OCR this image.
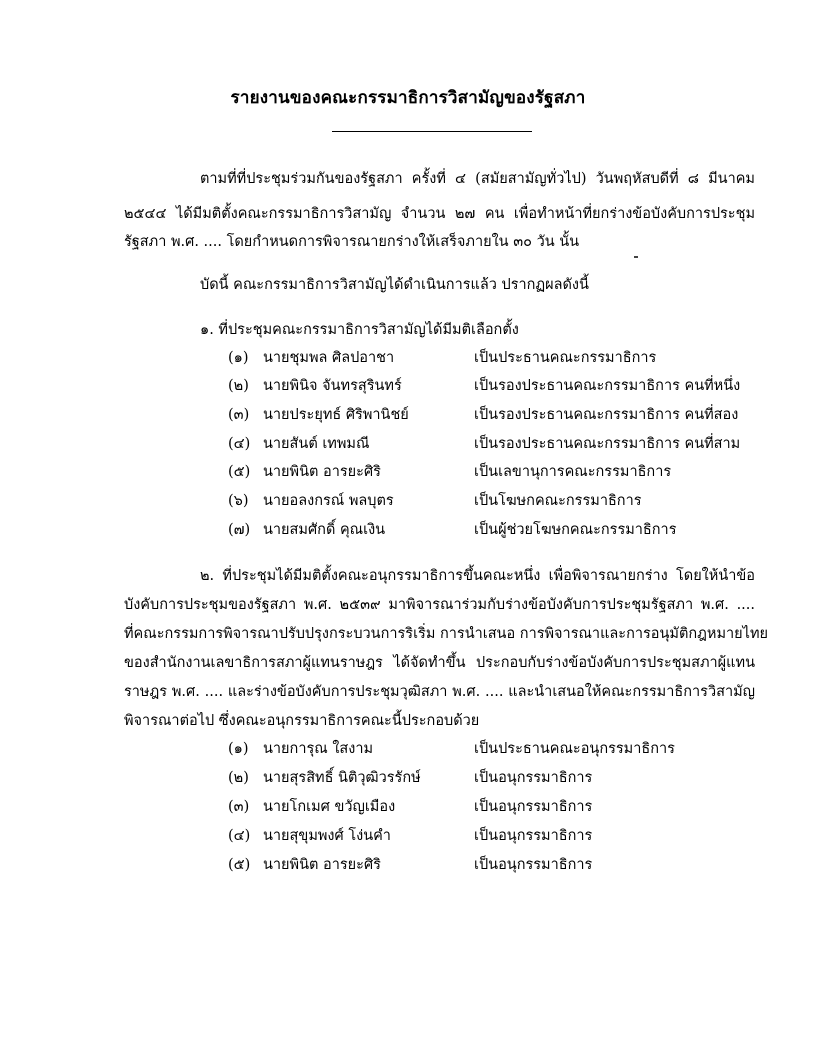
รายงานของคณะกรรมาธิการวิสามัญของรัฐสภา
ตามที่ที่ประชุมร่วมกันของรัฐสภา ครั้งที่ ๔ (สมัยสามัญทั่วไป) วันพฤหัสบดีที่ ๘ มีนาคม
๒๕๔๔ ได้มีมติตั้งคณะกรรมาธิการวิสามัญ จำนวน ๒๗ คน เพื่อทำหน้าที่ยกร่างข้อบังคับการประชุม
รัฐสภา พ.ศ. .... โดยกำหนดการพิจารณายกร่างให้เสร็จภายใน ๓๐ วัน นั้น
บัดนี้ คณะกรรมาธิการวิสามัญได้ดำเนินการแล้ว ปรากฏผลดังนี้
๑. ที่ประชุมคณะกรรมาธิการวิสามัญได้มีมติเลือกตั้ง
(๑) นายชุมพล ศิลปอาชา	เป็นประธานคณะกรรมาธิการ
(๒) นายพินิจ จันทรสุรินทร์	เป็นรองประธานคณะกรรมาธิการ คนที่หนึ่ง
(๓) นายประยุทธ์ ศิริพานิชย์	เป็นรองประธานคณะกรรมาธิการ คนที่สอง
(๔) นายสันต์ เทพมณี	เป็นรองประธานคณะกรรมาธิการ คนที่สาม
(๕) นายพินิต อารยะศิริ	เป็นเลขานุการคณะกรรมาธิการ
(๖) นายอลงกรณ์ พลบุตร	เป็นโฆษกคณะกรรมาธิการ
(๗) นายสมศักดิ์ คุณเงิน	เป็นผู้ช่วยโฆษกคณะกรรมาธิการ
๒. ที่ประชุมได้มีมติตั้งคณะอนุกรรมาธิการขึ้นคณะหนึ่ง เพื่อพิจารณายกร่าง โดยให้นำข้อ
บังคับการประชุมของรัฐสภา พ.ศ. ๒๕๓๙ มาพิจารณาร่วมกับร่างข้อบังคับการประชุมรัฐสภา พ.ศ. ....
ที่คณะกรรมการพิจารณาปรับปรุงกระบวนการริเริ่ม การนำเสนอ การพิจารณาและการอนุมัติกฎหมายไทย
ของสำนักงานเลขาธิการสภาผู้แทนราษฎร ได้จัดทำขึ้น ประกอบกับร่างข้อบังคับการประชุมสภาผู้แทน
ราษฎร พ.ศ. .... และร่างข้อบังคับการประชุมวุฒิสภา พ.ศ. .... และนำเสนอให้คณะกรรมาธิการวิสามัญ
พิจารณาต่อไป ซึ่งคณะอนุกรรมาธิการคณะนี้ประกอบด้วย
(๑) นายการุณ ใสงาม	เป็นประธานคณะอนุกรรมาธิการ
(๒) นายสุรสิทธิ์ นิติวุฒิวรรักษ์	เป็นอนุกรรมาธิการ
(๓) นายโกเมศ ขวัญเมือง	เป็นอนุกรรมาธิการ
(๔) นายสุขุมพงศ์ โง่นคำ	เป็นอนุกรรมาธิการ
(๕) นายพินิต อารยะศิริ	เป็นอนุกรรมาธิการ
